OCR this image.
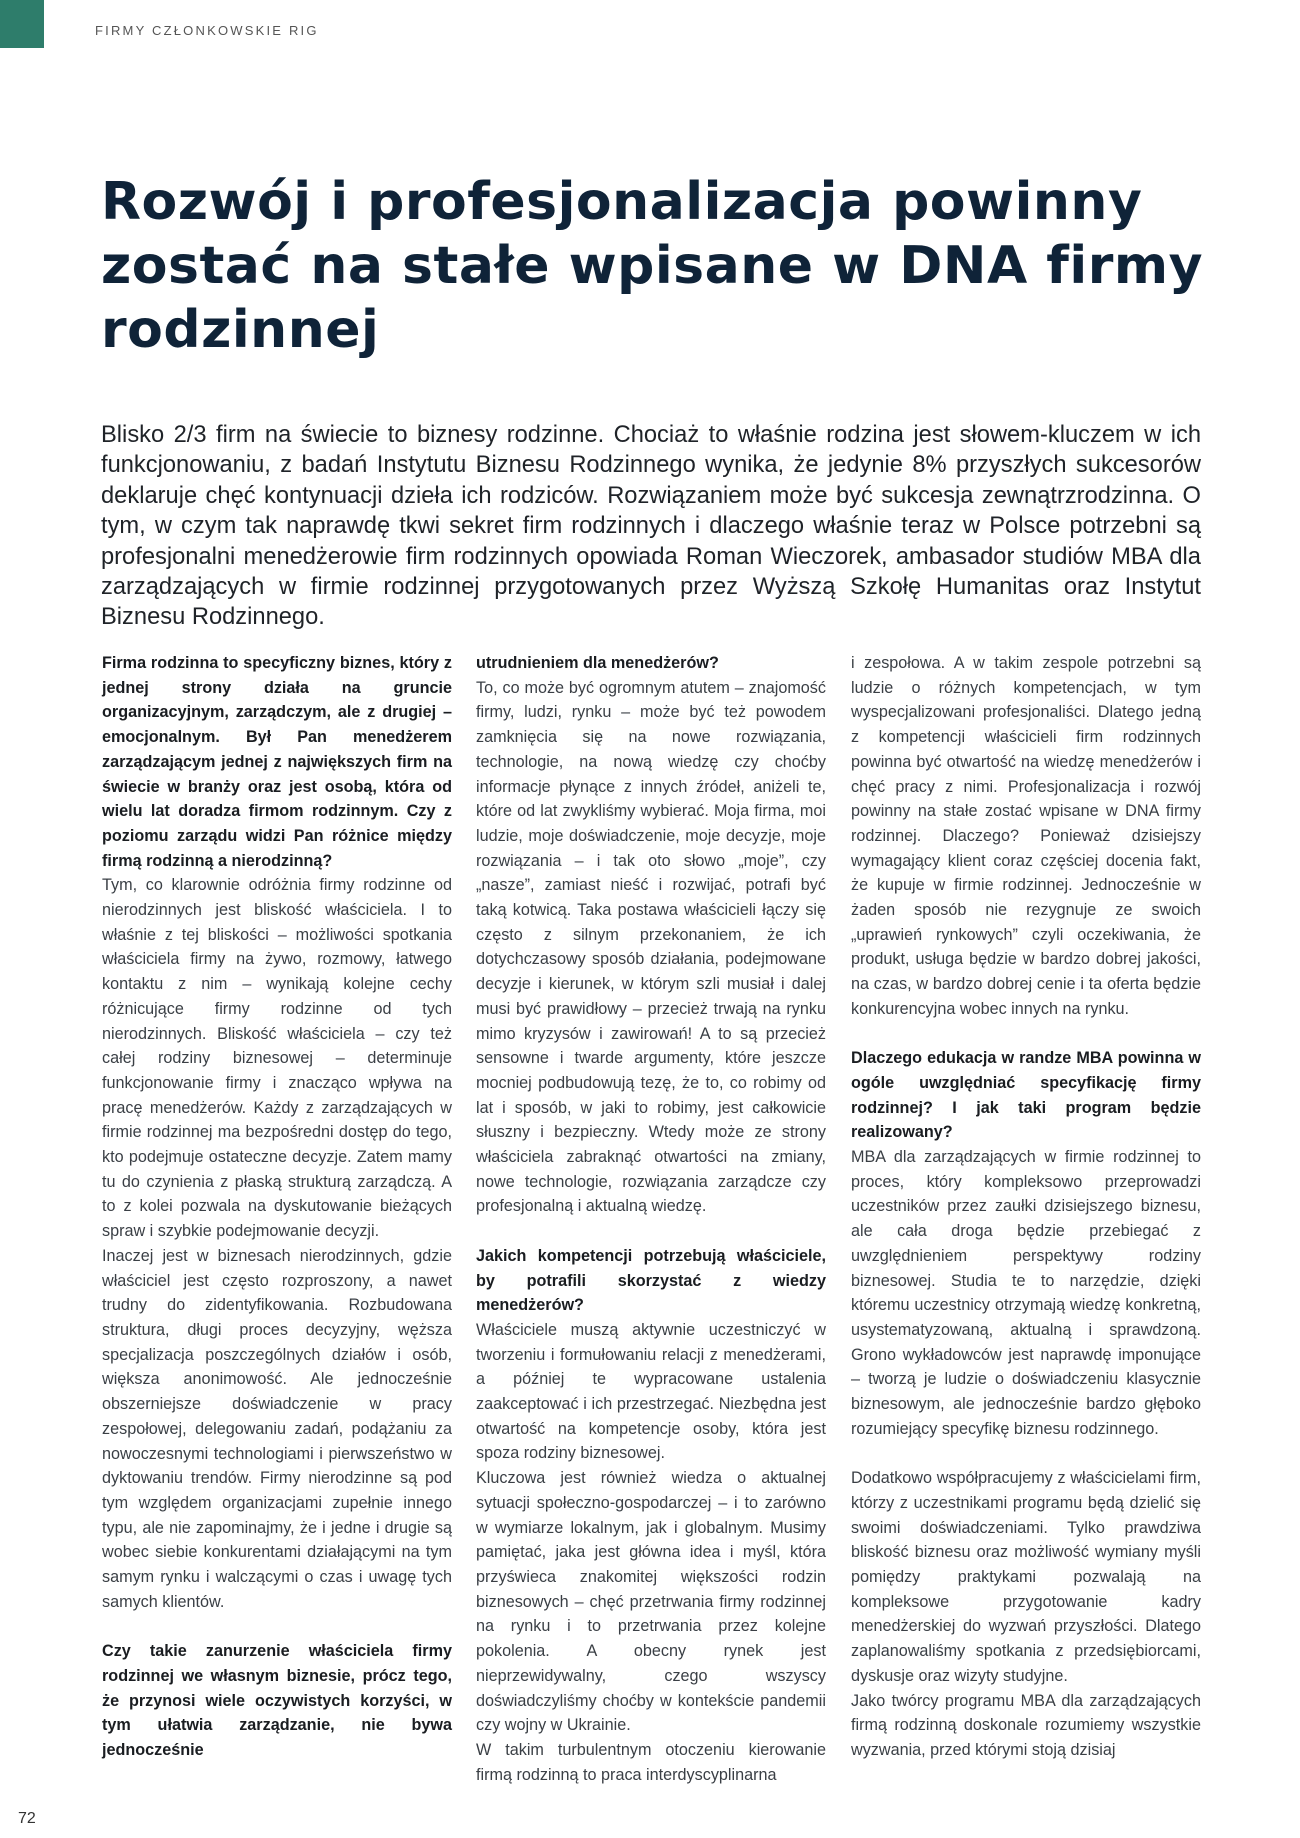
FIRMY CZŁONKOWSKIE RIG
Rozwój i profesjonalizacja powinny zostać na stałe wpisane w DNA firmy rodzinnej

Blisko 2/3 firm na świecie to biznesy rodzinne. Chociaż to właśnie rodzina jest słowem-kluczem w ich funkcjonowaniu, z badań Instytutu Biznesu Rodzinnego wynika, że jedynie 8% przyszłych sukcesorów deklaruje chęć kontynuacji dzieła ich rodziców. Rozwiązaniem może być sukcesja zewnątrzrodzinna. O tym, w czym tak naprawdę tkwi sekret firm rodzinnych i dlaczego właśnie teraz w Polsce potrzebni są profesjonalni menedżerowie firm rodzinnych opowiada Roman Wieczorek, ambasador studiów MBA dla zarządzających w firmie rodzinnej przygotowanych przez Wyższą Szkołę Humanitas oraz Instytut Biznesu Rodzinnego.

Firma rodzinna to specyficzny biznes, który z jednej strony działa na gruncie organizacyjnym, zarządczym, ale z drugiej – emocjonalnym. Był Pan menedżerem zarządzającym jednej z największych firm na świecie w branży oraz jest osobą, która od wielu lat doradza firmom rodzinnym. Czy z poziomu zarządu widzi Pan różnice między firmą rodzinną a nierodzinną?

Tym, co klarownie odróżnia firmy rodzinne od nierodzinnych jest bliskość właściciela. I to właśnie z tej bliskości – możliwości spotkania właściciela firmy na żywo, rozmowy, łatwego kontaktu z nim – wynikają kolejne cechy różnicujące firmy rodzinne od tych nierodzinnych. Bliskość właściciela – czy też całej rodziny biznesowej – determinuje funkcjonowanie firmy i znacząco wpływa na pracę menedżerów. Każdy z zarządzających w firmie rodzinnej ma bezpośredni dostęp do tego, kto podejmuje ostateczne decyzje. Zatem mamy tu do czynienia z płaską strukturą zarządczą. A to z kolei pozwala na dyskutowanie bieżących spraw i szybkie podejmowanie decyzji.

Inaczej jest w biznesach nierodzinnych, gdzie właściciel jest często rozproszony, a nawet trudny do zidentyfikowania. Rozbudowana struktura, długi proces decyzyjny, węższa specjalizacja poszczególnych działów i osób, większa anonimowość. Ale jednocześnie obszerniejsze doświadczenie w pracy zespołowej, delegowaniu zadań, podążaniu za nowoczesnymi technologiami i pierwszeństwo w dyktowaniu trendów. Firmy nierodzinne są pod tym względem organizacjami zupełnie innego typu, ale nie zapominajmy, że i jedne i drugie są wobec siebie konkurentami działającymi na tym samym rynku i walczącymi o czas i uwagę tych samych klientów.

Czy takie zanurzenie właściciela firmy rodzinnej we własnym biznesie, prócz tego, że przynosi wiele oczywistych korzyści, w tym ułatwia zarządzanie, nie bywa jednocześnie

utrudnieniem dla menedżerów?

To, co może być ogromnym atutem – znajomość firmy, ludzi, rynku – może być też powodem zamknięcia się na nowe rozwiązania, technologie, na nową wiedzę czy choćby informacje płynące z innych źródeł, aniżeli te, które od lat zwykliśmy wybierać. Moja firma, moi ludzie, moje doświadczenie, moje decyzje, moje rozwiązania – i tak oto słowo „moje”, czy „nasze”, zamiast nieść i rozwijać, potrafi być taką kotwicą. Taka postawa właścicieli łączy się często z silnym przekonaniem, że ich dotychczasowy sposób działania, podejmowane decyzje i kierunek, w którym szli musiał i dalej musi być prawidłowy – przecież trwają na rynku mimo kryzysów i zawirowań! A to są przecież sensowne i twarde argumenty, które jeszcze mocniej podbudowują tezę, że to, co robimy od lat i sposób, w jaki to robimy, jest całkowicie słuszny i bezpieczny. Wtedy może ze strony właściciela zabraknąć otwartości na zmiany, nowe technologie, rozwiązania zarządcze czy profesjonalną i aktualną wiedzę.

Jakich kompetencji potrzebują właściciele, by potrafili skorzystać z wiedzy menedżerów?

Właściciele muszą aktywnie uczestniczyć w tworzeniu i formułowaniu relacji z menedżerami, a później te wypracowane ustalenia zaakceptować i ich przestrzegać. Niezbędna jest otwartość na kompetencje osoby, która jest spoza rodziny biznesowej.

Kluczowa jest również wiedza o aktualnej sytuacji społeczno-gospodarczej – i to zarówno w wymiarze lokalnym, jak i globalnym. Musimy pamiętać, jaka jest główna idea i myśl, która przyświeca znakomitej większości rodzin biznesowych – chęć przetrwania firmy rodzinnej na rynku i to przetrwania przez kolejne pokolenia. A obecny rynek jest nieprzewidywalny, czego wszyscy doświadczyliśmy choćby w kontekście pandemii czy wojny w Ukrainie.

W takim turbulentnym otoczeniu kierowanie firmą rodzinną to praca interdyscyplinarna

i zespołowa. A w takim zespole potrzebni są ludzie o różnych kompetencjach, w tym wyspecjalizowani profesjonaliści. Dlatego jedną z kompetencji właścicieli firm rodzinnych powinna być otwartość na wiedzę menedżerów i chęć pracy z nimi. Profesjonalizacja i rozwój powinny na stałe zostać wpisane w DNA firmy rodzinnej. Dlaczego? Ponieważ dzisiejszy wymagający klient coraz częściej docenia fakt, że kupuje w firmie rodzinnej. Jednocześnie w żaden sposób nie rezygnuje ze swoich „uprawień rynkowych” czyli oczekiwania, że produkt, usługa będzie w bardzo dobrej jakości, na czas, w bardzo dobrej cenie i ta oferta będzie konkurencyjna wobec innych na rynku.

Dlaczego edukacja w randze MBA powinna w ogóle uwzględniać specyfikację firmy rodzinnej? I jak taki program będzie realizowany?

MBA dla zarządzających w firmie rodzinnej to proces, który kompleksowo przeprowadzi uczestników przez zaułki dzisiejszego biznesu, ale cała droga będzie przebiegać z uwzględnieniem perspektywy rodziny biznesowej. Studia te to narzędzie, dzięki któremu uczestnicy otrzymają wiedzę konkretną, usystematyzowaną, aktualną i sprawdzoną. Grono wykładowców jest naprawdę imponujące – tworzą je ludzie o doświadczeniu klasycznie biznesowym, ale jednocześnie bardzo głęboko rozumiejący specyfikę biznesu rodzinnego.

Dodatkowo współpracujemy z właścicielami firm, którzy z uczestnikami programu będą dzielić się swoimi doświadczeniami. Tylko prawdziwa bliskość biznesu oraz możliwość wymiany myśli pomiędzy praktykami pozwalają na kompleksowe przygotowanie kadry menedżerskiej do wyzwań przyszłości. Dlatego zaplanowaliśmy spotkania z przedsiębiorcami, dyskusje oraz wizyty studyjne.

Jako twórcy programu MBA dla zarządzających firmą rodzinną doskonale rozumiemy wszystkie wyzwania, przed którymi stoją dzisiaj

72
